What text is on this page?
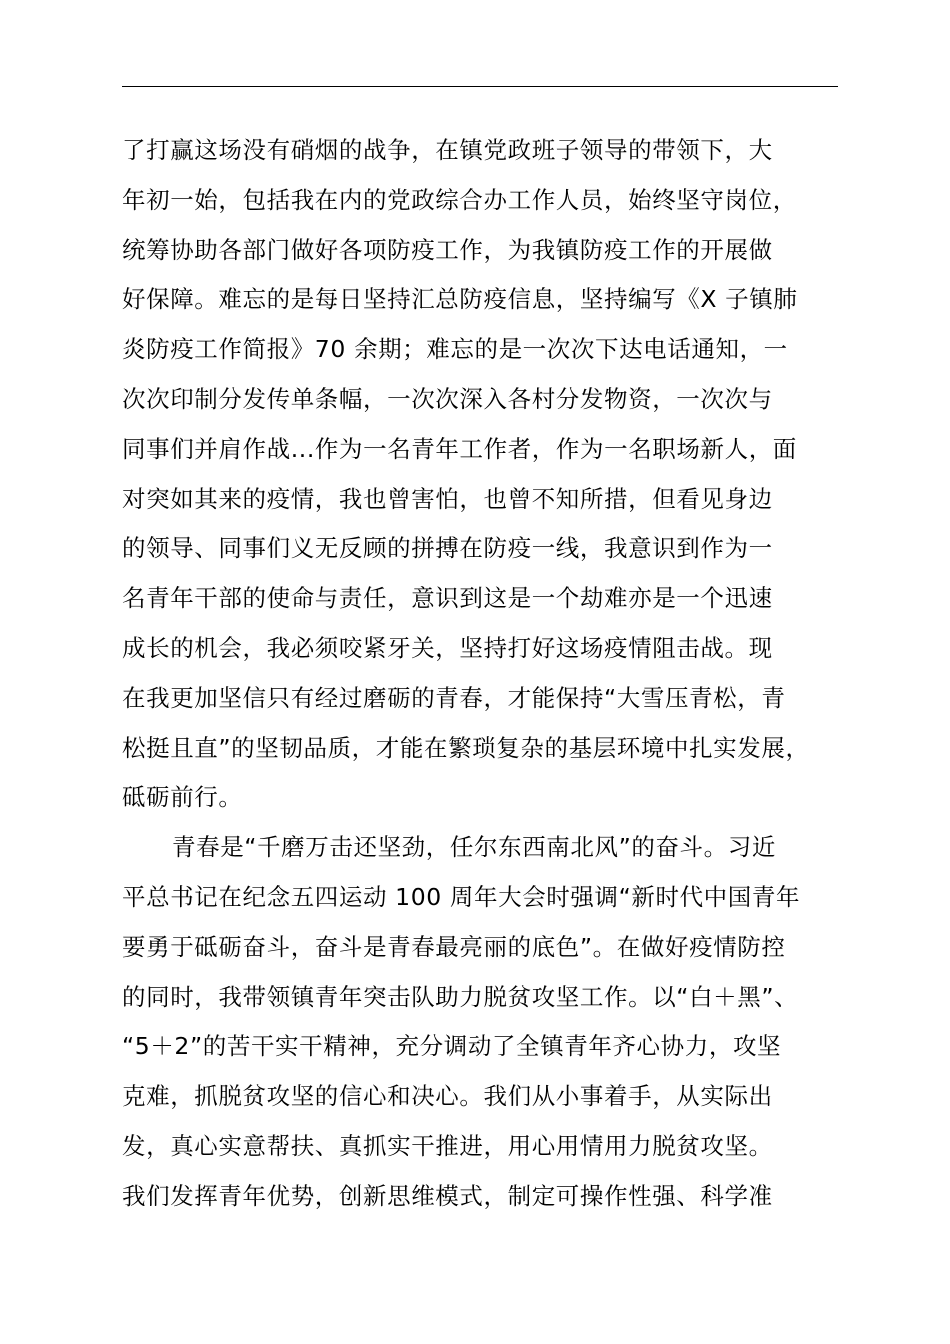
了打赢这场没有硝烟的战争，在镇党政班子领导的带领下，大
年初一始，包括我在内的党政综合办工作人员，始终坚守岗位，
统筹协助各部门做好各项防疫工作，为我镇防疫工作的开展做
好保障。难忘的是每日坚持汇总防疫信息，坚持编写《X 子镇肺
炎防疫工作简报》70 余期；难忘的是一次次下达电话通知，一
次次印制分发传单条幅，一次次深入各村分发物资，一次次与
同事们并肩作战...作为一名青年工作者，作为一名职场新人，面
对突如其来的疫情，我也曾害怕，也曾不知所措，但看见身边
的领导、同事们义无反顾的拼搏在防疫一线，我意识到作为一
名青年干部的使命与责任，意识到这是一个劫难亦是一个迅速
成长的机会，我必须咬紧牙关，坚持打好这场疫情阻击战。现
在我更加坚信只有经过磨砺的青春，才能保持“大雪压青松，青
松挺且直”的坚韧品质，才能在繁琐复杂的基层环境中扎实发展，
砥砺前行。
青春是“千磨万击还坚劲，任尔东西南北风”的奋斗。习近
平总书记在纪念五四运动 100 周年大会时强调“新时代中国青年
要勇于砥砺奋斗，奋斗是青春最亮丽的底色”。在做好疫情防控
的同时，我带领镇青年突击队助力脱贫攻坚工作。以“白＋黑”、
“5＋2”的苦干实干精神，充分调动了全镇青年齐心协力，攻坚
克难，抓脱贫攻坚的信心和决心。我们从小事着手，从实际出
发，真心实意帮扶、真抓实干推进，用心用情用力脱贫攻坚。
我们发挥青年优势，创新思维模式，制定可操作性强、科学准
